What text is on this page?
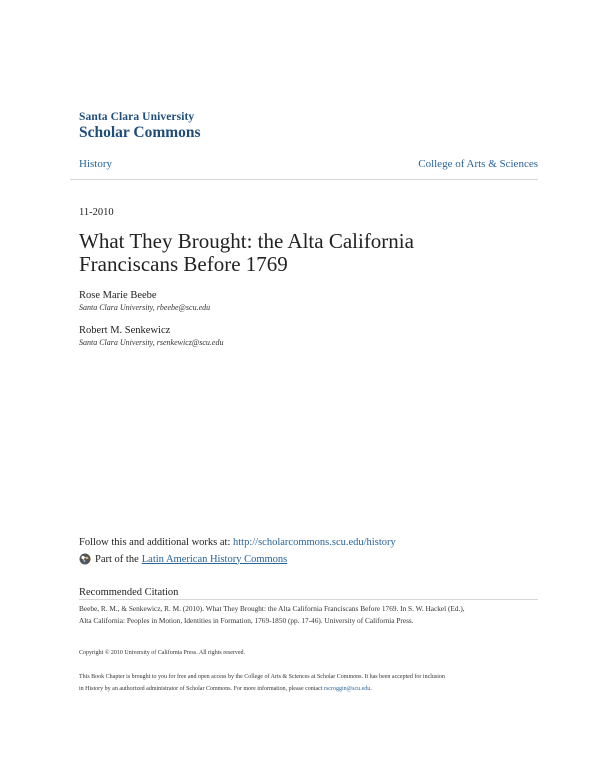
Santa Clara University
Scholar Commons
History	College of Arts & Sciences
11-2010
What They Brought: the Alta California
Franciscans Before 1769
Rose Marie Beebe
Santa Clara University, rbeebe@scu.edu
Robert M. Senkewicz
Santa Clara University, rsenkewicz@scu.edu
Follow this and additional works at: http://scholarcommons.scu.edu/history
Part of the Latin American History Commons
Recommended Citation
Beebe, R. M., & Senkewicz, R. M. (2010). What They Brought: the Alta California Franciscans Before 1769. In S. W. Hackel (Ed.),
Alta California: Peoples in Motion, Identities in Formation, 1769-1850 (pp. 17-46). University of California Press.
Copyright © 2010 University of California Press. All rights reserved.
This Book Chapter is brought to you for free and open access by the College of Arts & Sciences at Scholar Commons. It has been accepted for inclusion
in History by an authorized administrator of Scholar Commons. For more information, please contact rscroggin@scu.edu.
